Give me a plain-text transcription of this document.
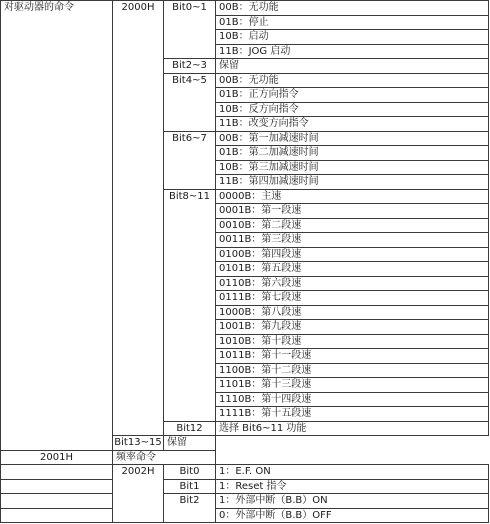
对驱动器的命令	2000H	Bit0~1	00B：无功能
			01B：停止
			10B：启动
			11B：JOG 启动
		Bit2~3	保留
		Bit4~5	00B：无功能
			01B：正方向指令
			10B：反方向指令
			11B：改变方向指令
		Bit6~7	00B：第一加减速时间
			01B：第二加减速时间
			10B：第三加减速时间
			11B：第四加减速时间
		Bit8~11	0000B：主速
			0001B：第一段速
			0010B：第二段速
			0011B：第三段速
			0100B：第四段速
			0101B：第五段速
			0110B：第六段速
			0111B：第七段速
			1000B：第八段速
			1001B：第九段速
			1010B：第十段速
			1011B：第十一段速
			1100B：第十二段速
			1101B：第十三段速
			1110B：第十四段速
			1111B：第十五段速
		Bit12	选择 Bit6~11 功能
	Bit13~15	保留	
2001H	频率命令		
	2002H	Bit0	1：E.F. ON
		Bit1	1：Reset 指令
		Bit2	1：外部中断（B.B）ON
			0：外部中断（B.B）OFF
